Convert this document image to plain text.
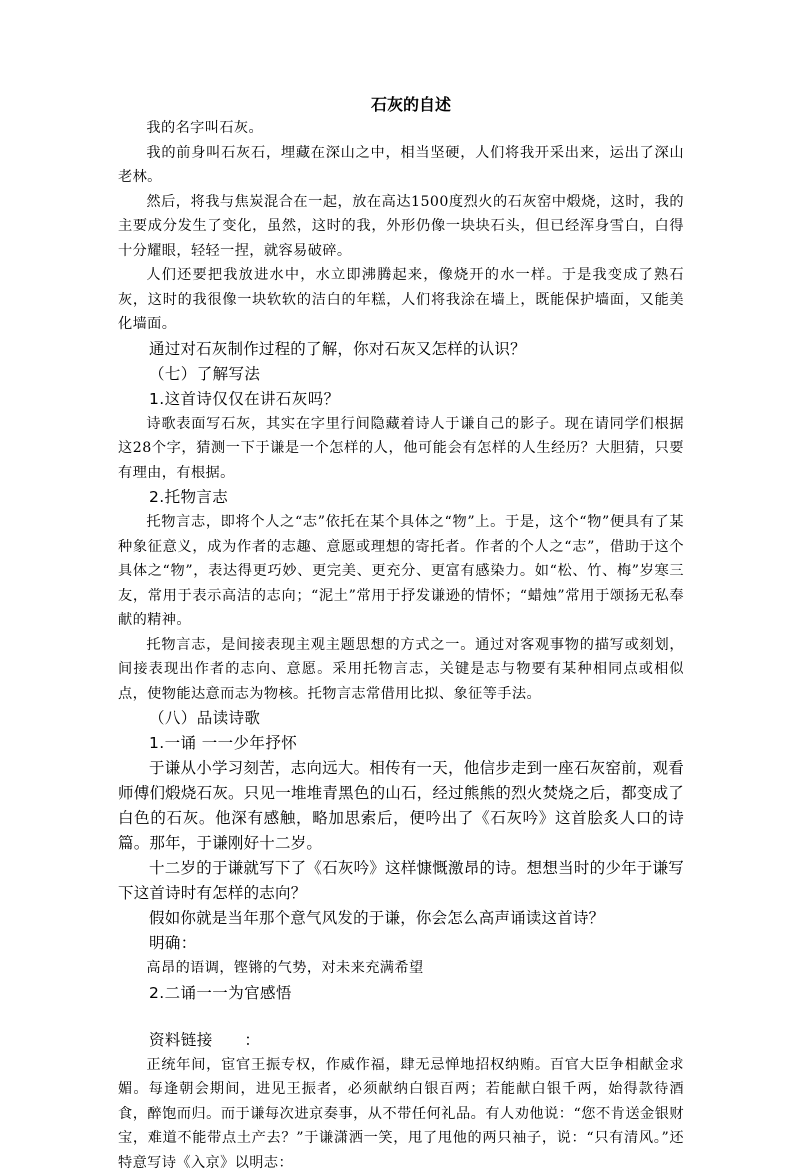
石灰的自述

我的名字叫石灰。

我的前身叫石灰石，埋藏在深山之中，相当坚硬，人们将我开采出来，运出了深山老林。

然后，将我与焦炭混合在一起，放在高达1500度烈火的石灰窑中煅烧，这时，我的主要成分发生了变化，虽然，这时的我，外形仍像一块块石头，但已经浑身雪白，白得十分耀眼，轻轻一捏，就容易破碎。

人们还要把我放进水中，水立即沸腾起来，像烧开的水一样。于是我变成了熟石灰，这时的我很像一块软软的洁白的年糕，人们将我涂在墙上，既能保护墙面，又能美化墙面。

通过对石灰制作过程的了解，你对石灰又怎样的认识？

（七）了解写法

1.这首诗仅仅在讲石灰吗？

诗歌表面写石灰，其实在字里行间隐藏着诗人于谦自己的影子。现在请同学们根据这28个字，猜测一下于谦是一个怎样的人，他可能会有怎样的人生经历？大胆猜，只要有理由，有根据。

2.托物言志

托物言志，即将个人之“志”依托在某个具体之“物”上。于是，这个“物”便具有了某种象征意义，成为作者的志趣、意愿或理想的寄托者。作者的个人之“志”，借助于这个具体之“物”，表达得更巧妙、更完美、更充分、更富有感染力。如“松、竹、梅”岁寒三友，常用于表示高洁的志向；“泥土”常用于抒发谦逊的情怀；“蜡烛”常用于颂扬无私奉献的精神。

托物言志，是间接表现主观主题思想的方式之一。通过对客观事物的描写或刻划，间接表现出作者的志向、意愿。采用托物言志，关键是志与物要有某种相同点或相似点，使物能达意而志为物核。托物言志常借用比拟、象征等手法。

（八）品读诗歌

1.一诵 一一少年抒怀

于谦从小学习刻苦，志向远大。相传有一天，他信步走到一座石灰窑前，观看师傅们煅烧石灰。只见一堆堆青黑色的山石，经过熊熊的烈火焚烧之后，都变成了白色的石灰。他深有感触，略加思索后，便吟出了《石灰吟》这首脍炙人口的诗篇。那年，于谦刚好十二岁。

十二岁的于谦就写下了《石灰吟》这样慷慨激昂的诗。想想当时的少年于谦写下这首诗时有怎样的志向？

假如你就是当年那个意气风发的于谦，你会怎么高声诵读这首诗？

明确：

高昂的语调，铿锵的气势，对未来充满希望

2.二诵一一为官感悟

资料链接　　：

正统年间，宦官王振专权，作威作福，肆无忌惮地招权纳贿。百官大臣争相献金求媚。每逢朝会期间，进见王振者，必须献纳白银百两；若能献白银千两，始得款待酒食，醉饱而归。而于谦每次进京奏事，从不带任何礼品。有人劝他说：“您不肯送金银财宝，难道不能带点土产去？”于谦潇洒一笑，甩了甩他的两只袖子，说：“只有清风。”还特意写诗《入京》以明志：
